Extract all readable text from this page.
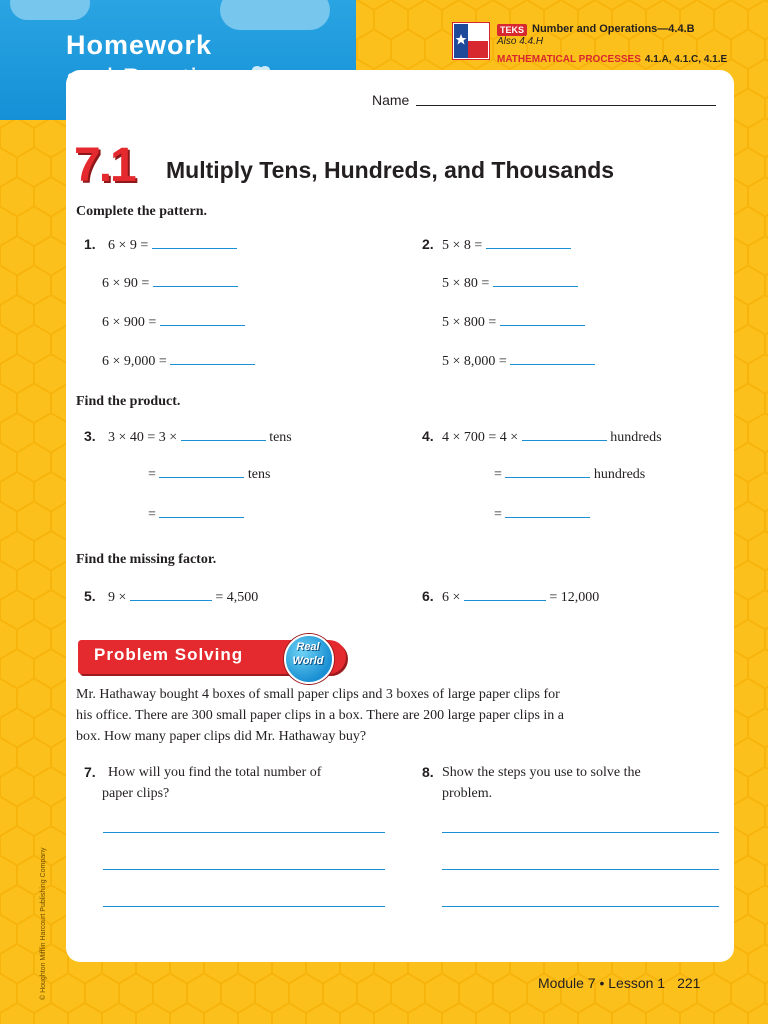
Homework	TEKS Number and Operations—4.4.B
Also 4.4.H
MATHEMATICAL PROCESSES 4.1.A, 4.1.C, 4.1.E
Name
7.1 Multiply Tens, Hundreds, and Thousands
Complete the pattern.
1. 6 × 9 =
6 × 90 =
6 × 900 =
6 × 9,000 =
2. 5 × 8 =
5 × 80 =
5 × 800 =
5 × 8,000 =
Find the product.
3. 3 × 40 = 3 ×	tens
=	tens
=
4. 4 × 700 = 4 ×	hundreds
=	hundreds
=
Find the missing factor.
5. 9 ×	= 4,500	6. 6 ×	= 12,000
Problem Solving	Real
World
Mr. Hathaway bought 4 boxes of small paper clips and 3 boxes of large paper clips for his office. There are 300 small paper clips in a box. There are 200 large paper clips in a box. How many paper clips did Mr. Hathaway buy?
7. How will you find the total number of paper clips?
8. Show the steps you use to solve the problem.
Module 7 • Lesson 1 221
© Houghton Mifflin Harcourt Publishing Company
